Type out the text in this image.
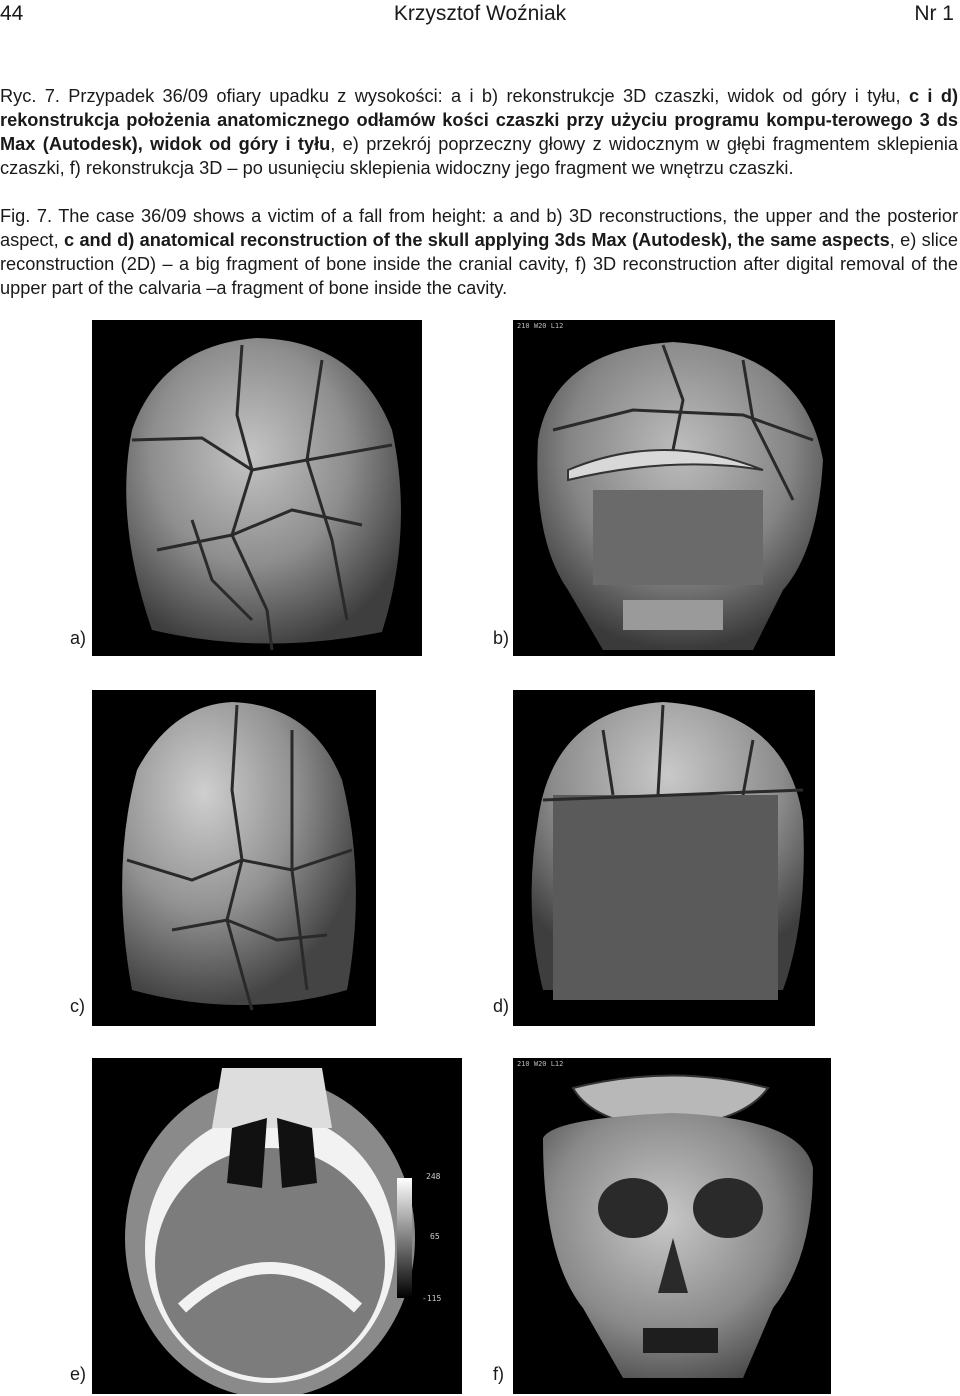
44	Krzysztof Woźniak	Nr 1
Ryc. 7. Przypadek 36/09 ofiary upadku z wysokości: a i b) rekonstrukcje 3D czaszki, widok od góry i tyłu, c i d) rekonstrukcja położenia anatomicznego odłamów kości czaszki przy użyciu programu kompu-terowego 3 ds Max (Autodesk), widok od góry i tyłu, e) przekrój poprzeczny głowy z widocznym w głębi fragmentem sklepienia czaszki, f) rekonstrukcja 3D – po usunięciu sklepienia widoczny jego fragment we wnętrzu czaszki.
Fig. 7. The case 36/09 shows a victim of a fall from height: a and b) 3D reconstructions, the upper and the posterior aspect, c and d) anatomical reconstruction of the skull applying 3ds Max (Autodesk), the same aspects, e) slice reconstruction (2D) – a big fragment of bone inside the cranial cavity, f) 3D reconstruction after digital removal of the upper part of the calvaria –a fragment of bone inside the cavity.
a)
210 W20 L12
b)
c)	d)
248
65
-115
e)
210 W20 L12
f)
